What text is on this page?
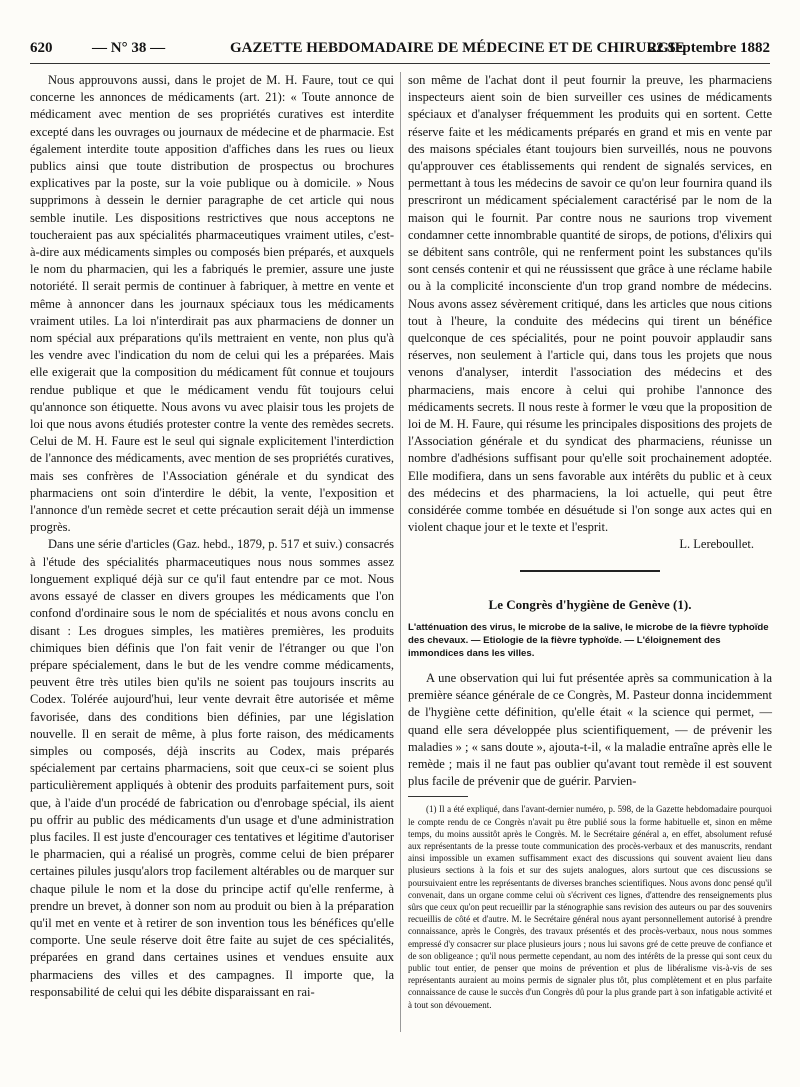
620	— N° 38 —	GAZETTE HEBDOMADAIRE DE MÉDECINE ET DE CHIRURGIE
22 Septembre 1882

Nous approuvons aussi, dans le projet de M. H. Faure, tout ce qui concerne les annonces de médicaments (art. 21): « Toute annonce de médicament avec mention de ses propriétés curatives est interdite excepté dans les ouvrages ou journaux de médecine et de pharmacie. Est également interdite toute apposition d'affiches dans les rues ou lieux publics ainsi que toute distribution de prospectus ou brochures explicatives par la poste, sur la voie publique ou à domicile. » Nous supprimons à dessein le dernier paragraphe de cet article qui nous semble inutile. Les dispositions restrictives que nous acceptons ne toucheraient pas aux spécialités pharmaceutiques vraiment utiles, c'est-à-dire aux médicaments simples ou composés bien préparés, et auxquels le nom du pharmacien, qui les a fabriqués le premier, assure une juste notoriété. Il serait permis de continuer à fabriquer, à mettre en vente et même à annoncer dans les journaux spéciaux tous les médicaments vraiment utiles. La loi n'interdirait pas aux pharmaciens de donner un nom spécial aux préparations qu'ils mettraient en vente, non plus qu'à les vendre avec l'indication du nom de celui qui les a préparées. Mais elle exigerait que la composition du médicament fût connue et toujours rendue publique et que le médicament vendu fût toujours celui qu'annonce son étiquette. Nous avons vu avec plaisir tous les projets de loi que nous avons étudiés protester contre la vente des remèdes secrets. Celui de M. H. Faure est le seul qui signale explicitement l'interdiction de l'annonce des médicaments, avec mention de ses propriétés curatives, mais ses confrères de l'Association générale et du syndicat des pharmaciens ont soin d'interdire le débit, la vente, l'exposition et l'annonce d'un remède secret et cette précaution serait déjà un immense progrès.

Dans une série d'articles (Gaz. hebd., 1879, p. 517 et suiv.) consacrés à l'étude des spécialités pharmaceutiques nous nous sommes assez longuement expliqué déjà sur ce qu'il faut entendre par ce mot. Nous avons essayé de classer en divers groupes les médicaments que l'on confond d'ordinaire sous le nom de spécialités et nous avons conclu en disant : Les drogues simples, les matières premières, les produits chimiques bien définis que l'on fait venir de l'étranger ou que l'on prépare spécialement, dans le but de les vendre comme médicaments, peuvent être très utiles bien qu'ils ne soient pas toujours inscrits au Codex. Tolérée aujourd'hui, leur vente devrait être autorisée et même favorisée, dans des conditions bien définies, par une législation nouvelle. Il en serait de même, à plus forte raison, des médicaments simples ou composés, déjà inscrits au Codex, mais préparés spécialement par certains pharmaciens, soit que ceux-ci se soient plus particulièrement appliqués à obtenir des produits parfaitement purs, soit que, à l'aide d'un procédé de fabrication ou d'enrobage spécial, ils aient pu offrir au public des médicaments d'un usage et d'une administration plus faciles. Il est juste d'encourager ces tentatives et légitime d'autoriser le pharmacien, qui a réalisé un progrès, comme celui de bien préparer certaines pilules jusqu'alors trop facilement altérables ou de marquer sur chaque pilule le nom et la dose du principe actif qu'elle renferme, à prendre un brevet, à donner son nom au produit ou bien à la préparation qu'il met en vente et à retirer de son invention tous les bénéfices qu'elle comporte. Une seule réserve doit être faite au sujet de ces spécialités, préparées en grand dans certaines usines et vendues ensuite aux pharmaciens des villes et des campagnes. Il importe que, la responsabilité de celui qui les débite disparaissant en rai-

son même de l'achat dont il peut fournir la preuve, les pharmaciens inspecteurs aient soin de bien surveiller ces usines de médicaments spéciaux et d'analyser fréquemment les produits qui en sortent. Cette réserve faite et les médicaments préparés en grand et mis en vente par des maisons spéciales étant toujours bien surveillés, nous ne pouvons qu'approuver ces établissements qui rendent de signalés services, en permettant à tous les médecins de savoir ce qu'on leur fournira quand ils prescriront un médicament spécialement caractérisé par le nom de la maison qui le fournit. Par contre nous ne saurions trop vivement condamner cette innombrable quantité de sirops, de potions, d'élixirs qui se débitent sans contrôle, qui ne renferment point les substances qu'ils sont censés contenir et qui ne réussissent que grâce à une réclame habile ou à la complicité inconsciente d'un trop grand nombre de médecins. Nous avons assez sévèrement critiqué, dans les articles que nous citions tout à l'heure, la conduite des médecins qui tirent un bénéfice quelconque de ces spécialités, pour ne point pouvoir applaudir sans réserves, non seulement à l'article qui, dans tous les projets que nous venons d'analyser, interdit l'association des médecins et des pharmaciens, mais encore à celui qui prohibe l'annonce des médicaments secrets. Il nous reste à former le vœu que la proposition de loi de M. H. Faure, qui résume les principales dispositions des projets de l'Association générale et du syndicat des pharmaciens, réunisse un nombre d'adhésions suffisant pour qu'elle soit prochainement adoptée. Elle modifiera, dans un sens favorable aux intérêts du public et à ceux des médecins et des pharmaciens, la loi actuelle, qui peut être considérée comme tombée en désuétude si l'on songe aux actes qui en violent chaque jour et le texte et l'esprit.

L. Lereboullet.

Le Congrès d'hygiène de Genève (1).
L'atténuation des virus, le microbe de la salive, le microbe de la fièvre typhoïde des chevaux. — Etiologie de la fièvre typhoïde. — L'éloignement des immondices dans les villes.

A une observation qui lui fut présentée après sa communication à la première séance générale de ce Congrès, M. Pasteur donna incidemment de l'hygiène cette définition, qu'elle était « la science qui permet, — quand elle sera développée plus scientifiquement, — de prévenir les maladies » ; « sans doute », ajouta-t-il, « la maladie entraîne après elle le remède ; mais il ne faut pas oublier qu'avant tout remède il est souvent plus facile de prévenir que de guérir. Parvien-

(1) Il a été expliqué, dans l'avant-dernier numéro, p. 598, de la Gazette hebdomadaire pourquoi le compte rendu de ce Congrès n'avait pu être publié sous la forme habituelle et, sinon en même temps, du moins aussitôt après le Congrès. M. le Secrétaire général a, en effet, absolument refusé aux représentants de la presse toute communication des procès-verbaux et des manuscrits, rendant ainsi impossible un examen suffisamment exact des discussions qui souvent avaient lieu dans plusieurs sections à la fois et sur des sujets analogues, alors surtout que ces discussions se poursuivaient entre les représentants de diverses branches scientifiques. Nous avons donc pensé qu'il convenait, dans un organe comme celui où s'écrivent ces lignes, d'attendre des renseignements plus sûrs que ceux qu'on peut recueillir par la sténographie sans revision des auteurs ou par des souvenirs recueillis de côté et d'autre. M. le Secrétaire général nous ayant personnellement autorisé à prendre connaissance, après le Congrès, des travaux présentés et des procès-verbaux, nous nous sommes empressé d'y consacrer sur place plusieurs jours ; nous lui savons gré de cette preuve de confiance et de son obligeance ; qu'il nous permette cependant, au nom des intérêts de la presse qui sont ceux du public tout entier, de penser que moins de prévention et plus de libéralisme vis-à-vis de ses représentants auraient au moins permis de signaler plus tôt, plus complètement et en plus parfaite connaissance de cause le succès d'un Congrès dû pour la plus grande part à son infatigable activité et à tout son dévouement.
